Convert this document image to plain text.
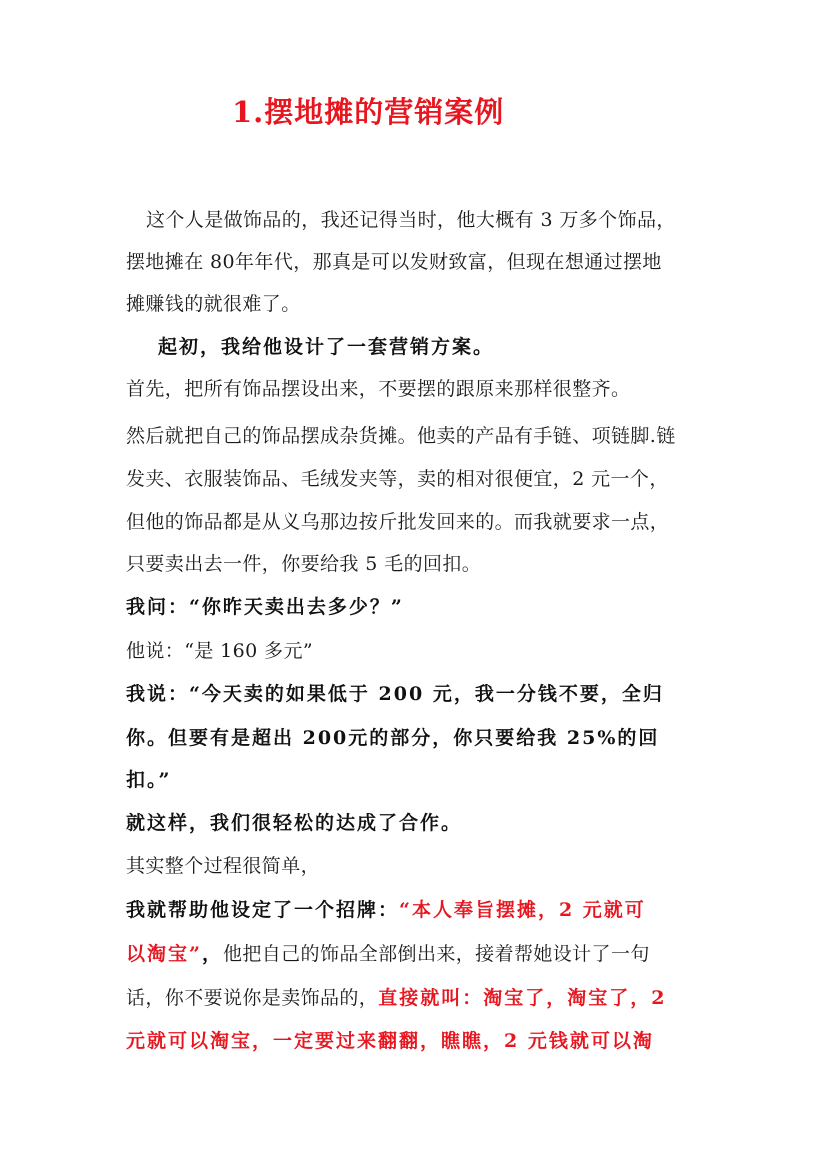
1.摆地摊的营销案例
这个人是做饰品的，我还记得当时，他大概有 3 万多个饰品，
摆地摊在 80年年代，那真是可以发财致富，但现在想通过摆地
摊赚钱的就很难了。
起初，我给他设计了一套营销方案。
首先，把所有饰品摆设出来，不要摆的跟原来那样很整齐。
然后就把自己的饰品摆成杂货摊。他卖的产品有手链、项链脚.链
发夹、衣服装饰品、毛绒发夹等，卖的相对很便宜，2 元一个，
但他的饰品都是从义乌那边按斤批发回来的。而我就要求一点，
只要卖出去一件，你要给我 5 毛的回扣。
我问：“你昨天卖出去多少？”
他说：“是 160 多元”
我说：“今天卖的如果低于 200 元，我一分钱不要，全归
你。但要有是超出 200元的部分，你只要给我 25%的回
扣。”
就这样，我们很轻松的达成了合作。
其实整个过程很简单，
我就帮助他设定了一个招牌：“本人奉旨摆摊，2 元就可
以淘宝”，他把自己的饰品全部倒出来，接着帮她设计了一句
话，你不要说你是卖饰品的，直接就叫：淘宝了，淘宝了，2
元就可以淘宝，一定要过来翻翻，瞧瞧，2 元钱就可以淘
